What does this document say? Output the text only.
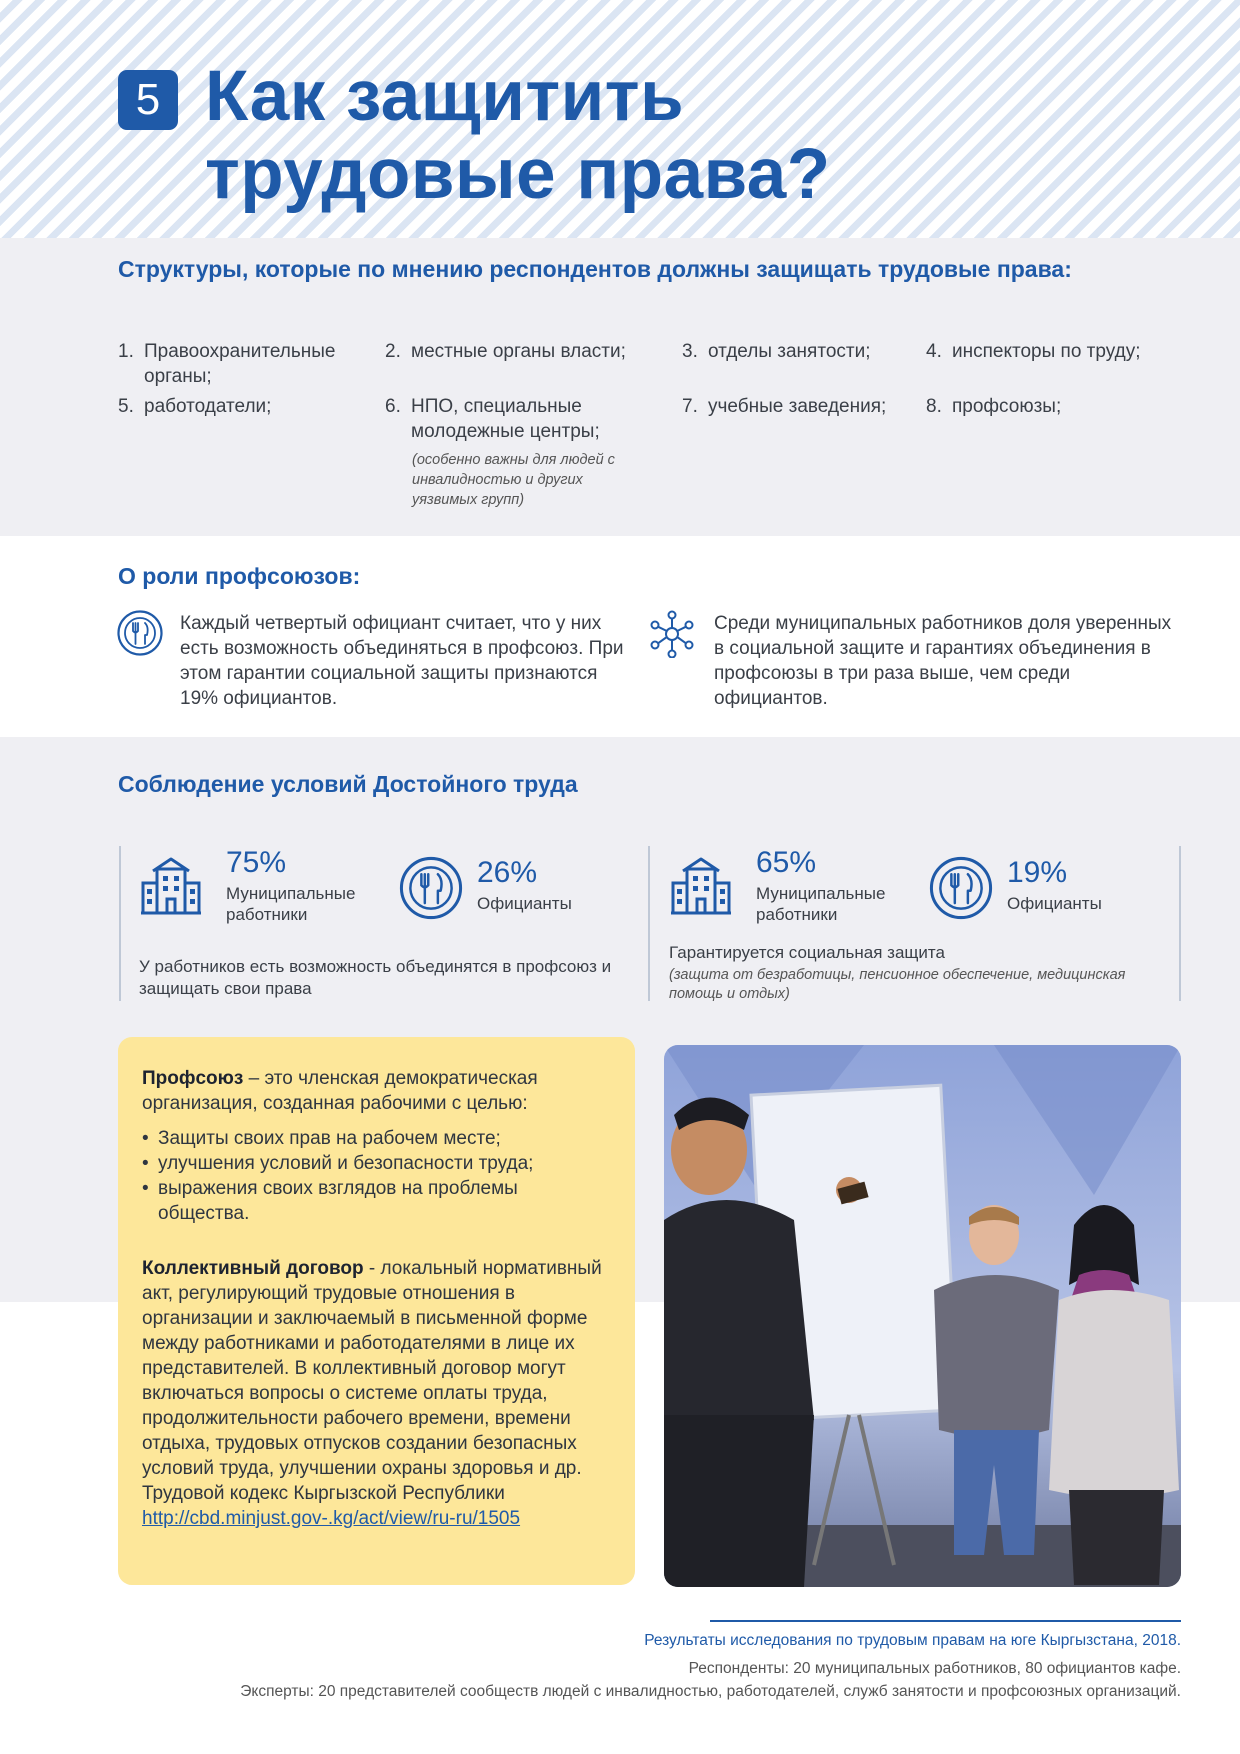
5 Как защитить
трудовые права?
Структуры, которые по мнению респондентов должны защищать трудовые права:
1. Правоохранительные органы;
2. местные органы власти;	3. отделы занятости;	4. инспекторы по труду;
5. работодатели;	6. НПО, специальные молодежные центры;
7. учебные заведения;	8. профсоюзы;
(особенно важны для людей с инвалидностью и других уязвимых групп)
О роли профсоюзов:
Каждый четвертый официант считает, что у них есть возможность объединяться в профсоюз. При этом гарантии социальной защиты признаются 19% официантов.
Среди муниципальных работников доля уверенных в социальной защите и гарантиях объединения в профсоюзы в три раза выше, чем среди официантов.
Соблюдение условий Достойного труда
75%
Муниципальные работники
26%
Официанты
У работников есть возможность объединятся в профсоюз и защищать свои права
65%
Муниципальные работники
19%
Официанты
Гарантируется социальная защита
(защита от безработицы, пенсионное обеспечение, медицинская помощь и отдых)
Профсоюз – это членская демократическая организация, созданная рабочими с целью:
• Защиты своих прав на рабочем месте;
• улучшения условий и безопасности труда;
• выражения своих взглядов на проблемы общества.
Коллективный договор - локальный нормативный акт, регулирующий трудовые отношения в организации и заключаемый в письменной форме между работниками и работодателями в лице их представителей. В коллективный договор могут включаться вопросы о системе оплаты труда, продолжительности рабочего времени, времени отдыха, трудовых отпусков создании безопасных условий труда, улучшении охраны здоровья и др. Трудовой кодекс Кыргызской Республики http://cbd.minjust.gov-.kg/act/view/ru-ru/1505
Результаты исследования по трудовым правам на юге Кыргызстана, 2018.
Респонденты: 20 муниципальных работников, 80 официантов кафе.
Эксперты: 20 представителей сообществ людей с инвалидностью, работодателей, служб занятости и профсоюзных организаций.
